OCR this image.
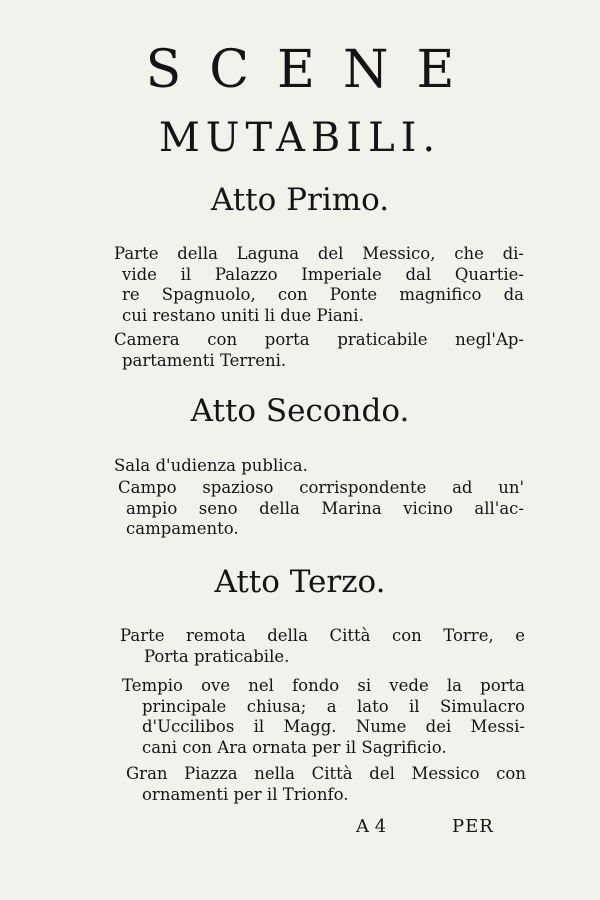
SCENE
MUTABILI.
Atto Primo.
Parte della Laguna del Messico, che di-
vide il Palazzo Imperiale dal Quartie-
re Spagnuolo, con Ponte magnifico da
cui restano uniti li due Piani.
Camera con porta praticabile negl'Ap-
partamenti Terreni.
Atto Secondo.
Sala d'udienza publica.
Campo spazioso corrispondente ad un'
ampio seno della Marina vicino all'ac-
campamento.
Atto Terzo.
Parte remota della Città con Torre, e
Porta praticabile.
Tempio ove nel fondo si vede la porta
principale chiusa; a lato il Simulacro
d'Uccilibos il Magg. Nume dei Messi-
cani con Ara ornata per il Sagrificio.
Gran Piazza nella Città del Messico con
ornamenti per il Trionfo.
A 4	PER
